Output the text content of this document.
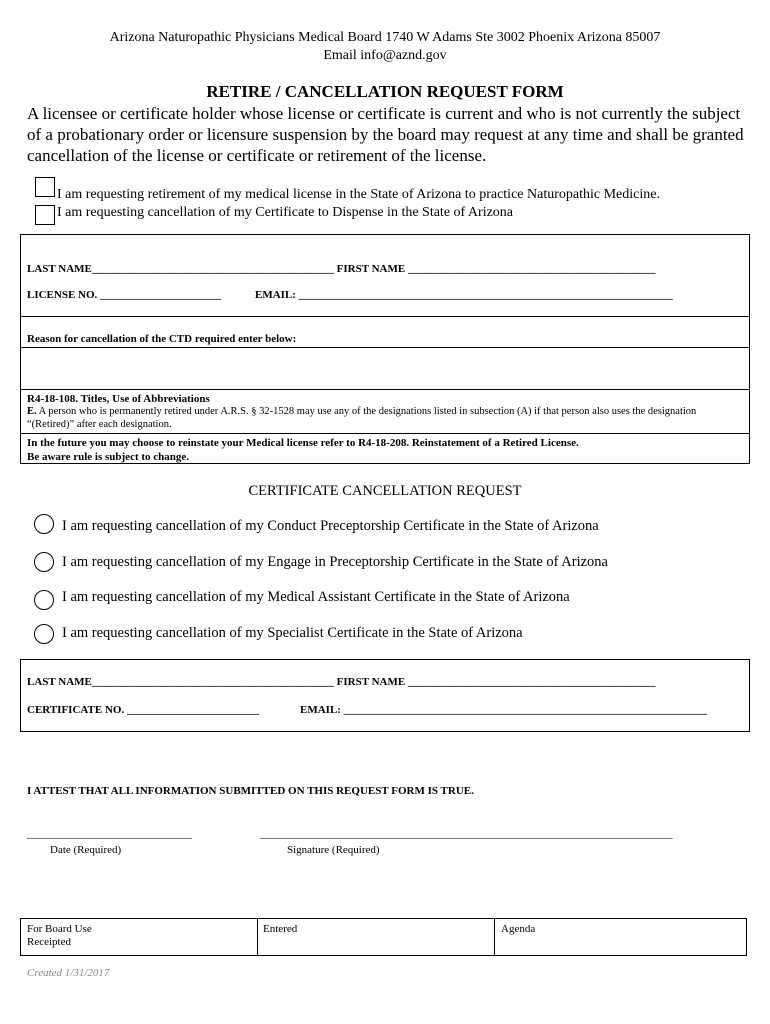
Arizona Naturopathic Physicians Medical Board 1740 W Adams Ste 3002 Phoenix Arizona 85007
Email info@aznd.gov
RETIRE / CANCELLATION REQUEST FORM
A licensee or certificate holder whose license or certificate is current and who is not currently the subject of a probationary order or licensure suspension by the board may request at any time and shall be granted cancellation of the license or certificate or retirement of the license.
I am requesting retirement of my medical license in the State of Arizona to practice Naturopathic Medicine.
I am requesting cancellation of my Certificate to Dispense in the State of Arizona
LAST NAME____________________________________________ FIRST NAME _____________________________________________
LICENSE NO. ______________________	EMAIL: ____________________________________________________________________
Reason for cancellation of the CTD required enter below:
R4-18-108. Titles, Use of Abbreviations
E. A person who is permanently retired under A.R.S. § 32-1528 may use any of the designations listed in subsection (A) if that person also uses the designation “(Retired)” after each designation.
In the future you may choose to reinstate your Medical license refer to R4-18-208. Reinstatement of a Retired License.
Be aware rule is subject to change.
CERTIFICATE CANCELLATION REQUEST
I am requesting cancellation of my Conduct Preceptorship Certificate in the State of Arizona
I am requesting cancellation of my Engage in Preceptorship Certificate in the State of Arizona
I am requesting cancellation of my Medical Assistant Certificate in the State of Arizona
I am requesting cancellation of my Specialist Certificate in the State of Arizona
LAST NAME____________________________________________ FIRST NAME _____________________________________________
CERTIFICATE NO. ________________________	EMAIL: __________________________________________________________________
I ATTEST THAT ALL INFORMATION SUBMITTED ON THIS REQUEST FORM IS TRUE.
______________________________
Date (Required)
___________________________________________________________________________
Signature (Required)
For Board Use
Receipted
Entered	Agenda
Created 1/31/2017
